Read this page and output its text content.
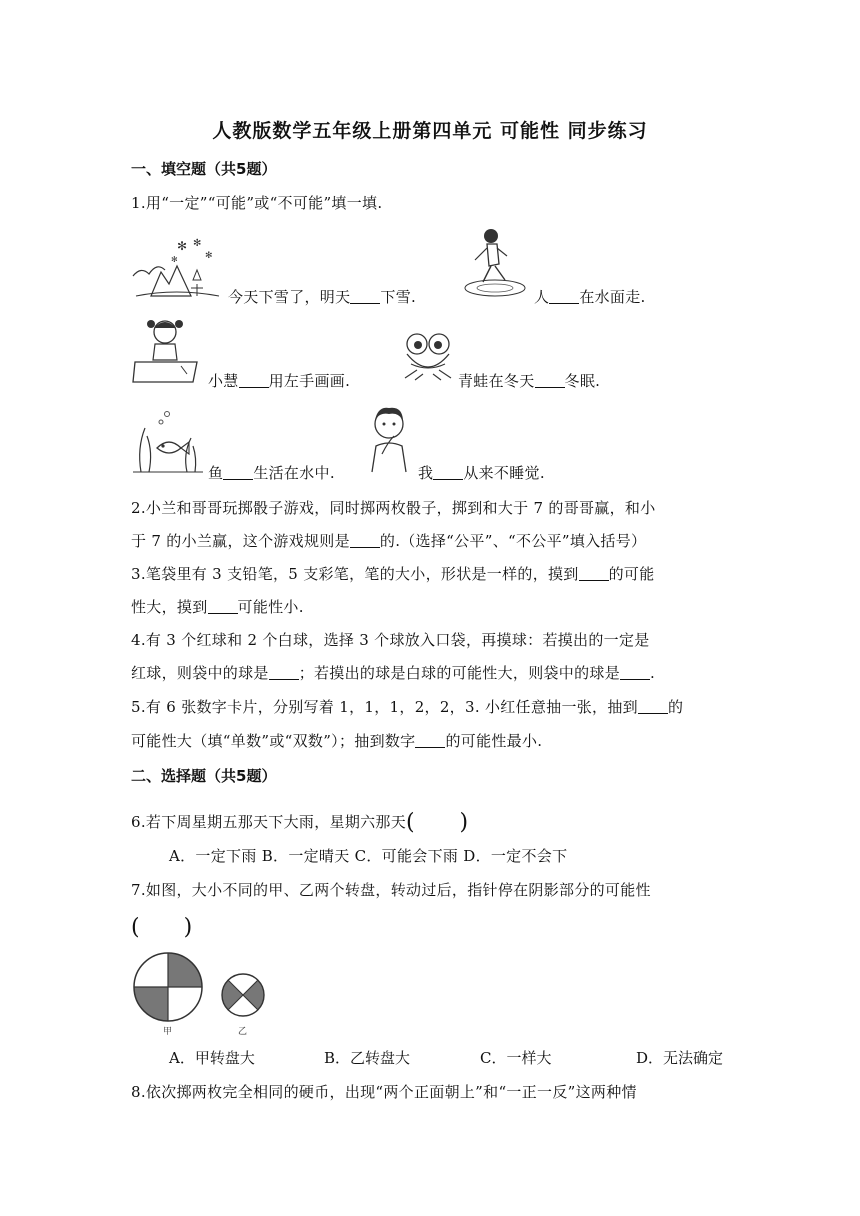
人教版数学五年级上册第四单元 可能性 同步练习
一、填空题（共5题）
1.用“一定”“可能”或“不可能”填一填.
✻ ✻
✻
✻
今天下雪了，明天 下雪.	人 在水面走.
小慧 用左手画画.	青蛙在冬天 冬眠.
鱼 生活在水中.	我 从来不睡觉.
2.小兰和哥哥玩掷骰子游戏，同时掷两枚骰子，掷到和大于 7 的哥哥赢，和小
于 7 的小兰赢，这个游戏规则是 的.（选择“公平”、“不公平”填入括号）
3.笔袋里有 3 支铅笔，5 支彩笔，笔的大小，形状是一样的，摸到 的可能
性大，摸到 可能性小.
4.有 3 个红球和 2 个白球，选择 3 个球放入口袋，再摸球：若摸出的一定是
红球，则袋中的球是 ；若摸出的球是白球的可能性大，则袋中的球是 .
5.有 6 张数字卡片，分别写着 1，1，1，2，2，3. 小红任意抽一张，抽到 的
可能性大（填“单数”或“双数”）；抽到数字 的可能性最小.
二、选择题（共5题）
6.若下周星期五那天下大雨，星期六那天(　　)
A．一定下雨 B．一定晴天 C．可能会下雨 D．一定不会下
7.如图，大小不同的甲、乙两个转盘，转动过后，指针停在阴影部分的可能性
(　　)
甲	乙
A．甲转盘大	B．乙转盘大	C．一样大	D．无法确定
8.依次掷两枚完全相同的硬币，出现“两个正面朝上”和“一正一反”这两种情
